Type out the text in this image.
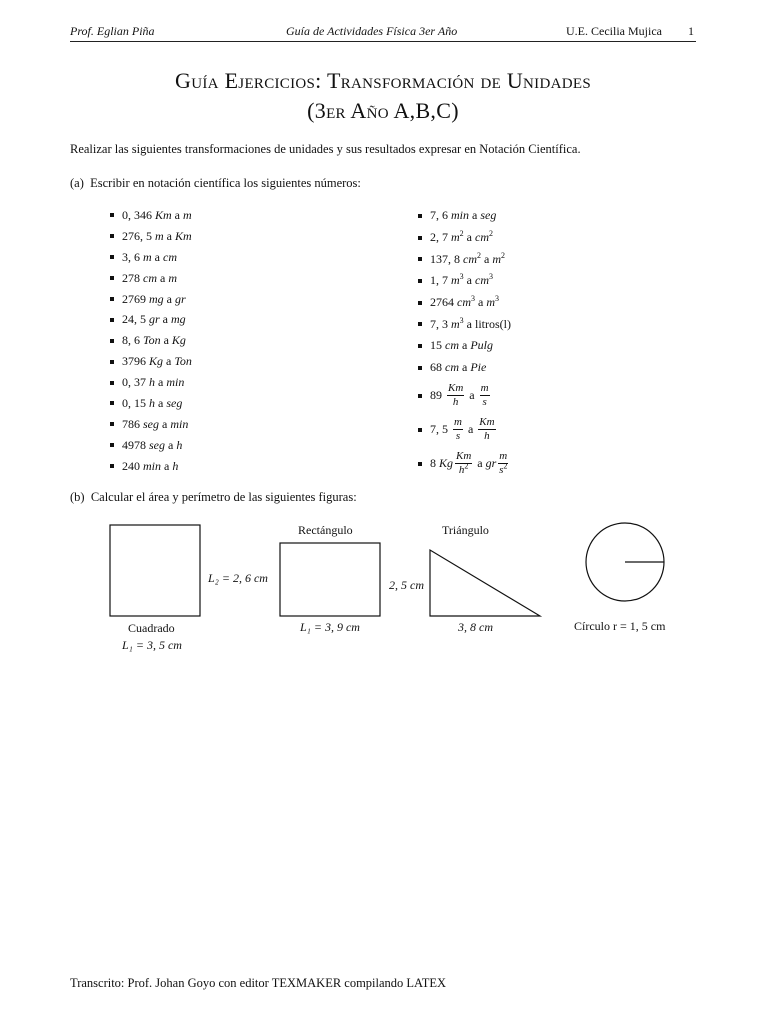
Prof. Eglian Piña	Guía de Actividades Física 3er Año	U.E. Cecilia Mujica 1
Guía Ejercicios: Transformación de Unidades
(3er Año A,B,C)
Realizar las siguientes transformaciones de unidades y sus resultados expresar en Notación Científica.
(a) Escribir en notación científica los siguientes números:
0, 346 Km a m
276, 5 m a Km
3, 6 m a cm
278 cm a m
2769 mg a gr
24, 5 gr a mg
8, 6 Ton a Kg
3796 Kg a Ton
0, 37 h a min
0, 15 h a seg
786 seg a min
4978 seg a h
240 min a h
7, 6 min a seg
2, 7 $m^2$ a $cm^2$
137, 8 $cm^2$ a $m^2$
1, 7 $m^3$ a $cm^3$
2764 $cm^3$ a $m^3$
7, 3 $m^3$ a litros(l)
15 cm a Pulg
68 cm a Pie
$89 \frac{Km}{h}$ a $\frac{m}{s}$
7, $5 \frac{m}{s}$ a $\frac{Km}{h}$
8 Kg $\frac{Km}{h^2}$ a gr $\frac{m}{s^2}$
(b) Calcular el área y perímetro de las siguientes figuras:
Cuadrado
L₁ = 3, 5 cm
Rectángulo
L₂ = 2, 6 cm
L₁ = 3, 9 cm
Triángulo
2, 5 cm
3, 8 cm	Círculo r = 1, 5 cm
Transcrito: Prof. Johan Goyo con editor TEXMAKER compilando LATEX
